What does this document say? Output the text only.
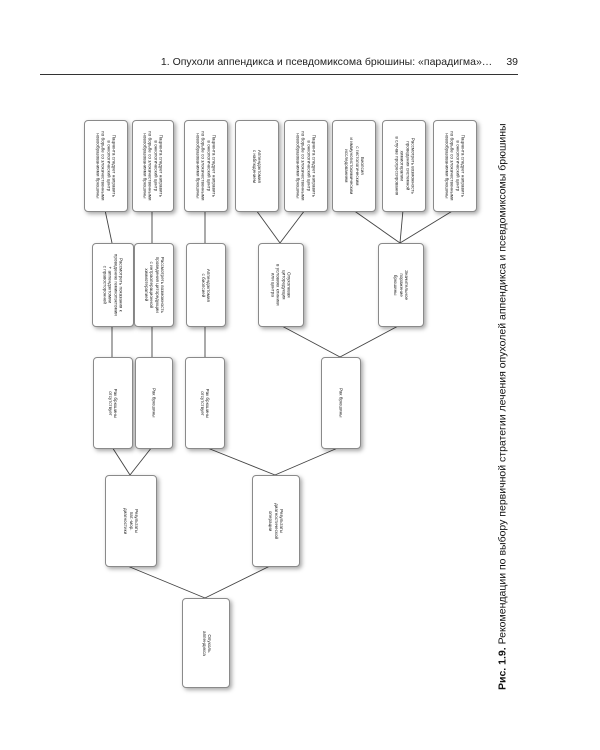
1. Опухоли аппендикса и псевдомиксома брюшины: «парадигма»… 39
Опухоль
аппендикса
Результаты
пат.-мор.
диагностики	Результаты
диагностической
операции
Рак брюшины
отсутствует	Рак брюшины	Рак брюшины
отсутствует	Рак брюшины
Рассмотреть показания к
проведению гемиколэктомии
+ аппендэктомии
с правосторонней	Рассмотреть возможность
проведения циторедукции
с интраоперационной
химиотерапией	Аппендэктомия
с биопсией	Опухолевая
циторедукция
в условиях клиники
или центра	Значительное
поражение
брюшины
Пациента следует направить
в онкологический центр
по борьбе со злокачественными
новообразованиями брюшины
Пациента следует направить
в онкологический центр
по борьбе со злокачественными
новообразованиями брюшины
Пациента следует направить
в онкологический центр
по борьбе со злокачественными
новообразованиями брюшины
Аппендэктомия
с наблюдением
Пациента следует направить
в онкологический центр
по борьбе со злокачественными
новообразованиями брюшины
Биопсия
с гистологическим
и иммуногистохимическим
исследованием	Рассмотреть возможность
проведения системной
химиотерапии
в случае прогрессирования
Пациента следует направить
в онкологический центр
по борьбе со злокачественными
новообразованиями брюшины
Рис. 1.9. Рекомендации по выбору первичной стратегии лечения опухолей аппендикса и псевдомиксомы брюшины
